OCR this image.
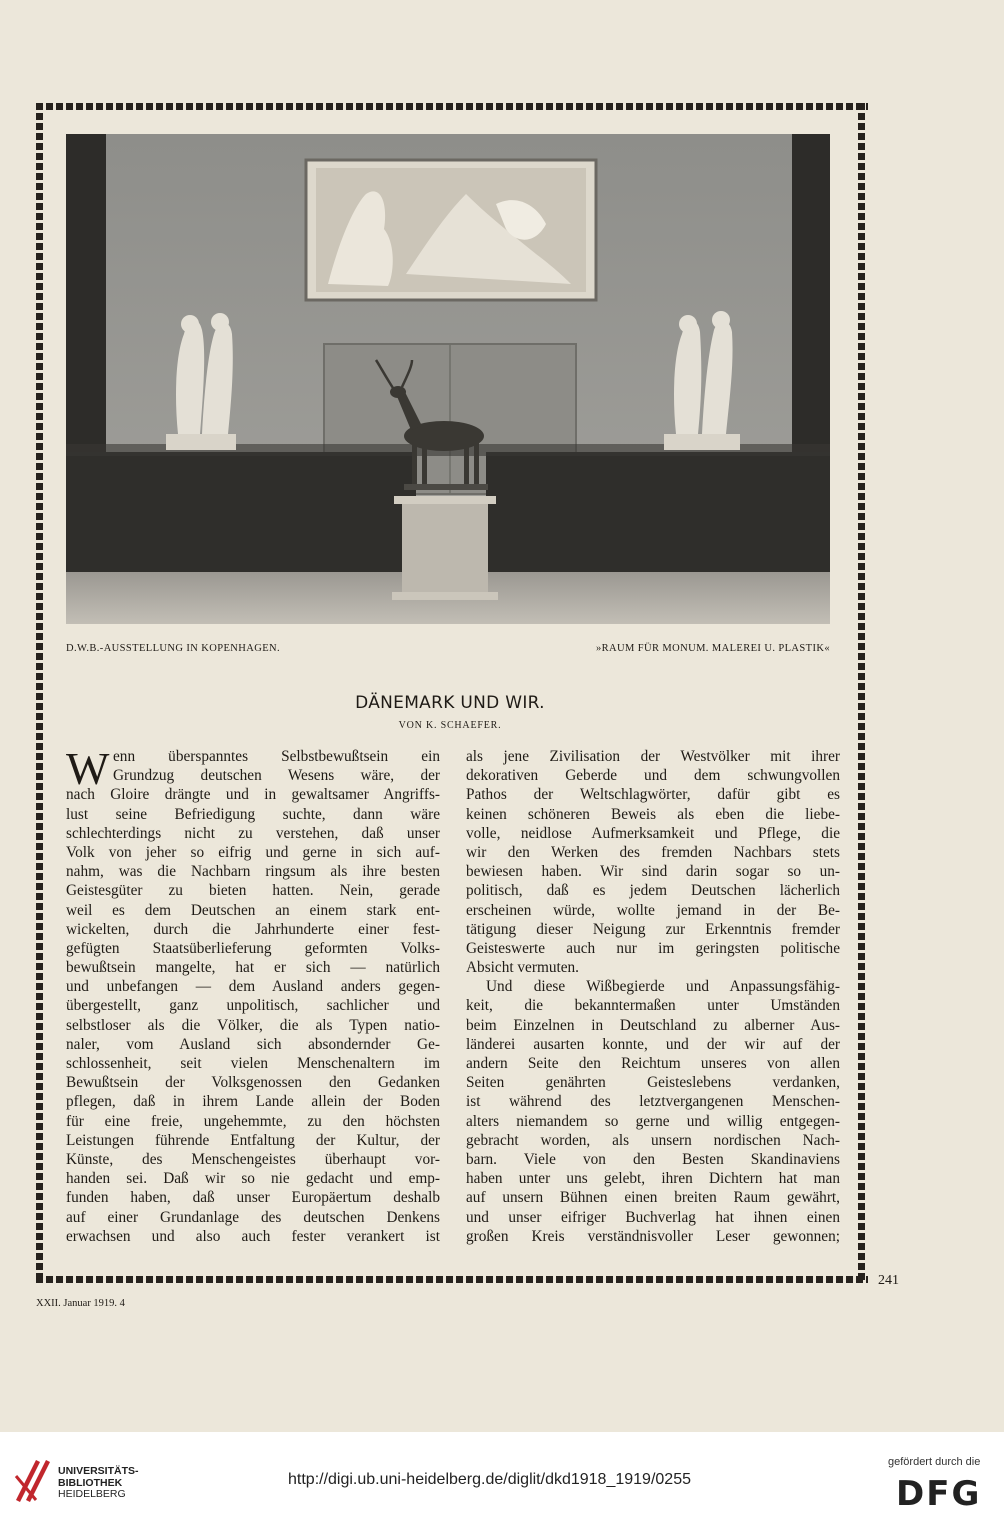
D.W.B.-AUSSTELLUNG IN KOPENHAGEN.	»RAUM FÜR MONUM. MALEREI U. PLASTIK«
DÄNEMARK UND WIR.
VON K. SCHAEFER.
W enn überspanntes Selbstbewußtsein ein
Grundzug deutschen Wesens wäre, der
nach Gloire drängte und in gewaltsamer Angriffs-
lust seine Befriedigung suchte, dann wäre
schlechterdings nicht zu verstehen, daß unser
Volk von jeher so eifrig und gerne in sich auf-
nahm, was die Nachbarn ringsum als ihre besten
Geistesgüter zu bieten hatten. Nein, gerade
weil es dem Deutschen an einem stark ent-
wickelten, durch die Jahrhunderte einer fest-
gefügten Staatsüberlieferung geformten Volks-
bewußtsein mangelte, hat er sich — natürlich
und unbefangen — dem Ausland anders gegen-
übergestellt, ganz unpolitisch, sachlicher und
selbstloser als die Völker, die als Typen natio-
naler, vom Ausland sich absondernder Ge-
schlossenheit, seit vielen Menschenaltern im
Bewußtsein der Volksgenossen den Gedanken
pflegen, daß in ihrem Lande allein der Boden
für eine freie, ungehemmte, zu den höchsten
Leistungen führende Entfaltung der Kultur, der
Künste, des Menschengeistes überhaupt vor-
handen sei. Daß wir so nie gedacht und emp-
funden haben, daß unser Europäertum deshalb
auf einer Grundanlage des deutschen Denkens
erwachsen und also auch fester verankert ist
als jene Zivilisation der Westvölker mit ihrer
dekorativen Geberde und dem schwungvollen
Pathos der Weltschlagwörter, dafür gibt es
keinen schöneren Beweis als eben die liebe-
volle, neidlose Aufmerksamkeit und Pflege, die
wir den Werken des fremden Nachbars stets
bewiesen haben. Wir sind darin sogar so un-
politisch, daß es jedem Deutschen lächerlich
erscheinen würde, wollte jemand in der Be-
tätigung dieser Neigung zur Erkenntnis fremder
Geisteswerte auch nur im geringsten politische
Absicht vermuten.
Und diese Wißbegierde und Anpassungsfähig-
keit, die bekanntermaßen unter Umständen
beim Einzelnen in Deutschland zu alberner Aus-
länderei ausarten konnte, und der wir auf der
andern Seite den Reichtum unseres von allen
Seiten genährten Geisteslebens verdanken,
ist während des letztvergangenen Menschen-
alters niemandem so gerne und willig entgegen-
gebracht worden, als unsern nordischen Nach-
barn. Viele von den Besten Skandinaviens
haben unter uns gelebt, ihren Dichtern hat man
auf unsern Bühnen einen breiten Raum gewährt,
und unser eifriger Buchverlag hat ihnen einen
großen Kreis verständnisvoller Leser gewonnen;
241
XXII. Januar 1919. 4
UNIVERSITÄTS-
BIBLIOTHEK
HEIDELBERG
http://digi.ub.uni-heidelberg.de/diglit/dkd1918_1919/0255
gefördert durch die
DFG
